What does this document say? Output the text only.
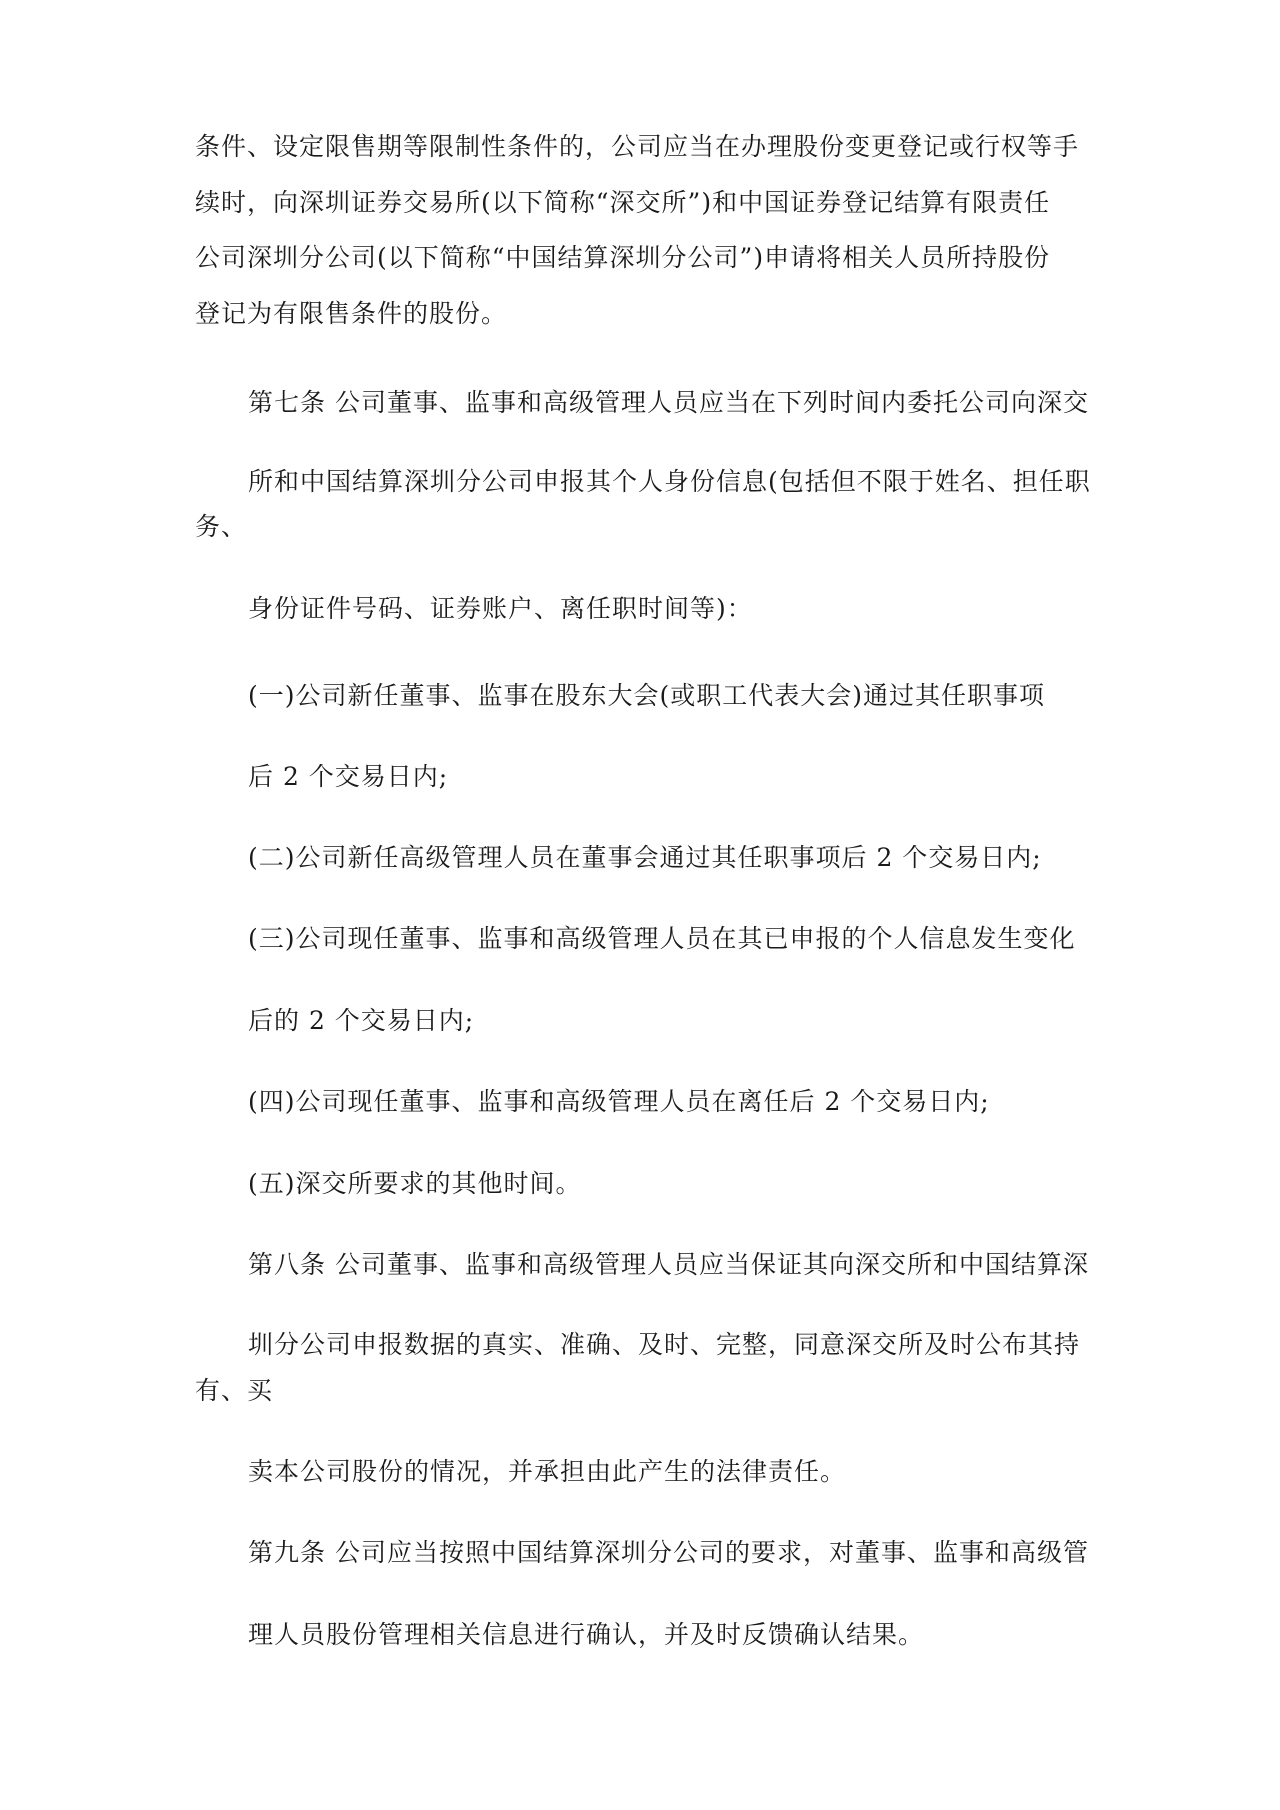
条件、设定限售期等限制性条件的，公司应当在办理股份变更登记或行权等手

续时，向深圳证券交易所(以下简称“深交所”)和中国证券登记结算有限责任

公司深圳分公司(以下简称“中国结算深圳分公司”)申请将相关人员所持股份

登记为有限售条件的股份。

第七条 公司董事、监事和高级管理人员应当在下列时间内委托公司向深交

所和中国结算深圳分公司申报其个人身份信息(包括但不限于姓名、担任职

务、

身份证件号码、证券账户、离任职时间等)：

(一)公司新任董事、监事在股东大会(或职工代表大会)通过其任职事项

后 2 个交易日内;

(二)公司新任高级管理人员在董事会通过其任职事项后 2 个交易日内;

(三)公司现任董事、监事和高级管理人员在其已申报的个人信息发生变化

后的 2 个交易日内;

(四)公司现任董事、监事和高级管理人员在离任后 2 个交易日内;

(五)深交所要求的其他时间。

第八条 公司董事、监事和高级管理人员应当保证其向深交所和中国结算深

圳分公司申报数据的真实、准确、及时、完整，同意深交所及时公布其持

有、买

卖本公司股份的情况，并承担由此产生的法律责任。

第九条 公司应当按照中国结算深圳分公司的要求，对董事、监事和高级管

理人员股份管理相关信息进行确认，并及时反馈确认结果。
